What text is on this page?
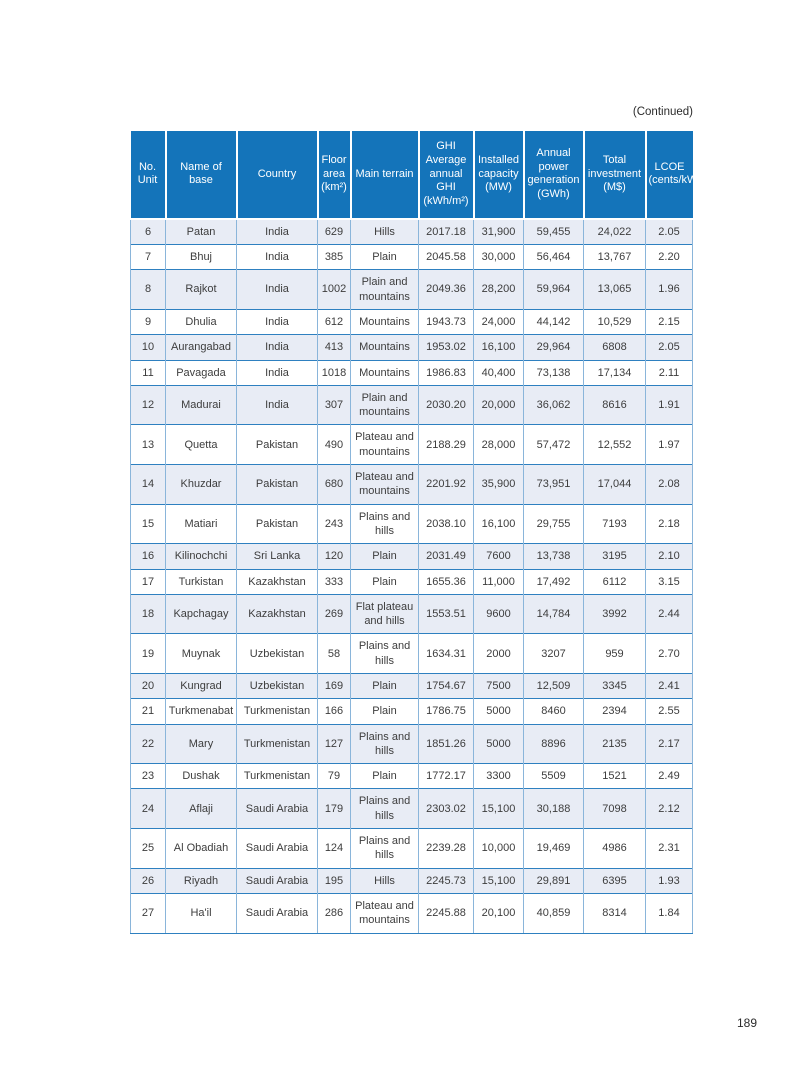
(Continued)
No. Unit	Name of base	Country	Floor area (km²)	Main terrain	GHI Average annual GHI (kWh/m²)	Installed capacity (MW)	Annual power generation (GWh)	Total investment (M$)	LCOE (cents/kWh)
6	Patan	India	629	Hills	2017.18	31,900	59,455	24,022	2.05
7	Bhuj	India	385	Plain	2045.58	30,000	56,464	13,767	2.20
8	Rajkot	India	1002	Plain and mountains	2049.36	28,200	59,964	13,065	1.96
9	Dhulia	India	612	Mountains	1943.73	24,000	44,142	10,529	2.15
10	Aurangabad	India	413	Mountains	1953.02	16,100	29,964	6808	2.05
11	Pavagada	India	1018	Mountains	1986.83	40,400	73,138	17,134	2.11
12	Madurai	India	307	Plain and mountains	2030.20	20,000	36,062	8616	1.91
13	Quetta	Pakistan	490	Plateau and mountains	2188.29	28,000	57,472	12,552	1.97
14	Khuzdar	Pakistan	680	Plateau and mountains	2201.92	35,900	73,951	17,044	2.08
15	Matiari	Pakistan	243	Plains and hills	2038.10	16,100	29,755	7193	2.18
16	Kilinochchi	Sri Lanka	120	Plain	2031.49	7600	13,738	3195	2.10
17	Turkistan	Kazakhstan	333	Plain	1655.36	11,000	17,492	6112	3.15
18	Kapchagay	Kazakhstan	269	Flat plateau and hills	1553.51	9600	14,784	3992	2.44
19	Muynak	Uzbekistan	58	Plains and hills	1634.31	2000	3207	959	2.70
20	Kungrad	Uzbekistan	169	Plain	1754.67	7500	12,509	3345	2.41
21	Turkmenabat	Turkmenistan	166	Plain	1786.75	5000	8460	2394	2.55
22	Mary	Turkmenistan	127	Plains and hills	1851.26	5000	8896	2135	2.17
23	Dushak	Turkmenistan	79	Plain	1772.17	3300	5509	1521	2.49
24	Aflaji	Saudi Arabia	179	Plains and hills	2303.02	15,100	30,188	7098	2.12
25	Al Obadiah	Saudi Arabia	124	Plains and hills	2239.28	10,000	19,469	4986	2.31
26	Riyadh	Saudi Arabia	195	Hills	2245.73	15,100	29,891	6395	1.93
27	Ha'il	Saudi Arabia	286	Plateau and mountains	2245.88	20,100	40,859	8314	1.84
189
